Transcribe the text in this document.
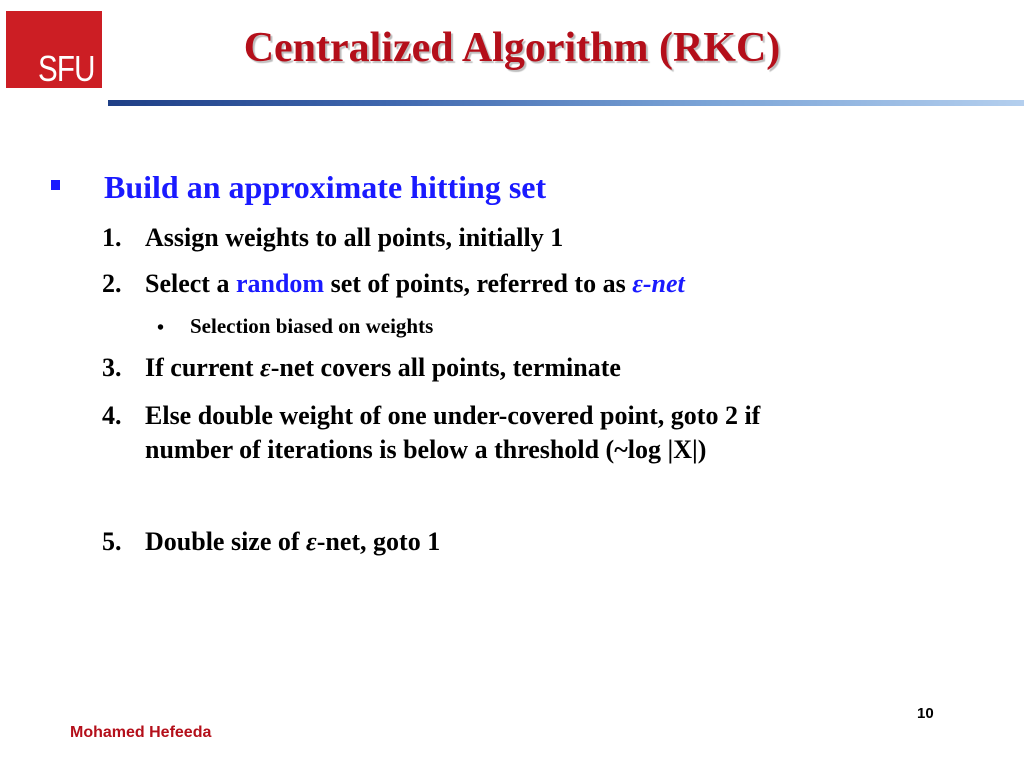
SFU	Centralized Algorithm (RKC)
Build an approximate hitting set
1. Assign weights to all points, initially 1
2. Select a random set of points, referred to as ε-net
• Selection biased on weights
3. If current ε-net covers all points, terminate
4. Else double weight of one under-covered point, goto 2 if
number of iterations is below a threshold (~log |X|)
5. Double size of ε-net, goto 1
10
Mohamed Hefeeda
